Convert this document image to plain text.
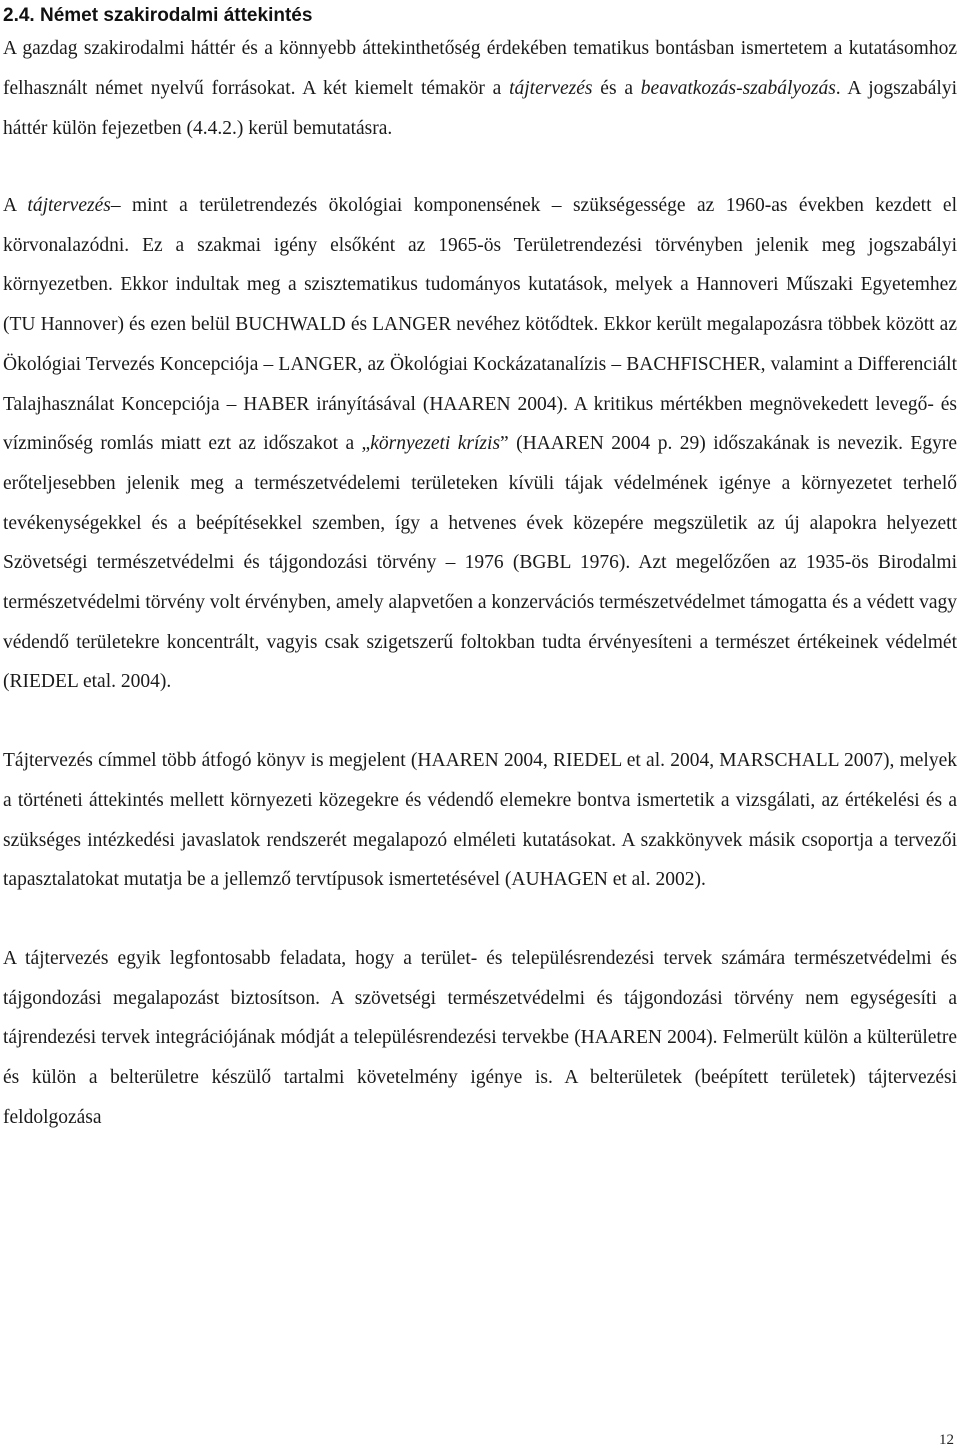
2.4. Német szakirodalmi áttekintés

A gazdag szakirodalmi háttér és a könnyebb áttekinthetőség érdekében tematikus bontásban ismertetem a kutatásomhoz felhasznált német nyelvű forrásokat. A két kiemelt témakör a tájtervezés és a beavatkozás-szabályozás. A jogszabályi háttér külön fejezetben (4.4.2.) kerül bemutatásra.

A tájtervezés– mint a területrendezés ökológiai komponensének – szükségessége az 1960-as években kezdett el körvonalazódni. Ez a szakmai igény elsőként az 1965-ös Területrendezési törvényben jelenik meg jogszabályi környezetben. Ekkor indultak meg a szisztematikus tudományos kutatások, melyek a Hannoveri Műszaki Egyetemhez (TU Hannover) és ezen belül BUCHWALD és LANGER nevéhez kötődtek. Ekkor került megalapozásra többek között az Ökológiai Tervezés Koncepciója – LANGER, az Ökológiai Kockázatanalízis – BACHFISCHER, valamint a Differenciált Talajhasználat Koncepciója – HABER irányításával (HAAREN 2004). A kritikus mértékben megnövekedett levegő- és vízminőség romlás miatt ezt az időszakot a „környezeti krízis” (HAAREN 2004 p. 29) időszakának is nevezik. Egyre erőteljesebben jelenik meg a természetvédelemi területeken kívüli tájak védelmének igénye a környezetet terhelő tevékenységekkel és a beépítésekkel szemben, így a hetvenes évek közepére megszületik az új alapokra helyezett Szövetségi természetvédelmi és tájgondozási törvény – 1976 (BGBL 1976). Azt megelőzően az 1935-ös Birodalmi természetvédelmi törvény volt érvényben, amely alapvetően a konzervációs természetvédelmet támogatta és a védett vagy védendő területekre koncentrált, vagyis csak szigetszerű foltokban tudta érvényesíteni a természet értékeinek védelmét (RIEDEL etal. 2004).

Tájtervezés címmel több átfogó könyv is megjelent (HAAREN 2004, RIEDEL et al. 2004, MARSCHALL 2007), melyek a történeti áttekintés mellett környezeti közegekre és védendő elemekre bontva ismertetik a vizsgálati, az értékelési és a szükséges intézkedési javaslatok rendszerét megalapozó elméleti kutatásokat. A szakkönyvek másik csoportja a tervezői tapasztalatokat mutatja be a jellemző tervtípusok ismertetésével (AUHAGEN et al. 2002).

A tájtervezés egyik legfontosabb feladata, hogy a terület- és településrendezési tervek számára természetvédelmi és tájgondozási megalapozást biztosítson. A szövetségi természetvédelmi és tájgondozási törvény nem egységesíti a tájrendezési tervek integrációjának módját a településrendezési tervekbe (HAAREN 2004). Felmerült külön a külterületre és külön a belterületre készülő tartalmi követelmény igénye is. A belterületek (beépített területek) tájtervezési feldolgozása

12
